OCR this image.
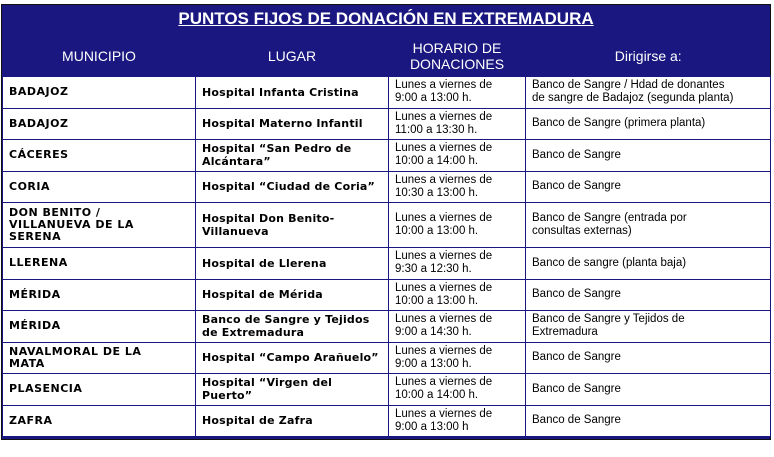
PUNTOS FIJOS DE DONACIÓN EN EXTREMADURA
MUNICIPIO	LUGAR	HORARIO DE
DONACIONES	Dirigirse a:

BADAJOZ	Hospital Infanta Cristina	Lunes a viernes de
9:00 a 13:00 h.	Banco de Sangre / Hdad de donantes
de sangre de Badajoz (segunda planta)

BADAJOZ	Hospital Materno Infantil	Lunes a viernes de
11:00 a 13:30 h.	Banco de Sangre (primera planta)

CÁCERES	Hospital “San Pedro de
Alcántara”	Lunes a viernes de
10:00 a 14:00 h.	Banco de Sangre

CORIA	Hospital “Ciudad de Coria”	Lunes a viernes de
10:30 a 13:00 h.	Banco de Sangre

DON BENITO /
VILLANUEVA DE LA
SERENA	Hospital Don Benito-
Villanueva	Lunes a viernes de
10:00 a 13:00 h.	Banco de Sangre (entrada por
consultas externas)

LLERENA	Hospital de Llerena	Lunes a viernes de
9:30 a 12:30 h.	Banco de sangre (planta baja)

MÉRIDA	Hospital de Mérida	Lunes a viernes de
10:00 a 13:00 h.	Banco de Sangre

MÉRIDA	Banco de Sangre y Tejidos
de Extremadura	Lunes a viernes de
9:00 a 14:30 h.	Banco de Sangre y Tejidos de
Extremadura

NAVALMORAL DE LA
MATA	Hospital “Campo Arañuelo”	Lunes a viernes de
9:00 a 13:00 h.	Banco de Sangre

PLASENCIA	Hospital “Virgen del
Puerto”	Lunes a viernes de
10:00 a 14:00 h.	Banco de Sangre

ZAFRA	Hospital de Zafra	Lunes a viernes de
9:00 a 13:00 h	Banco de Sangre
